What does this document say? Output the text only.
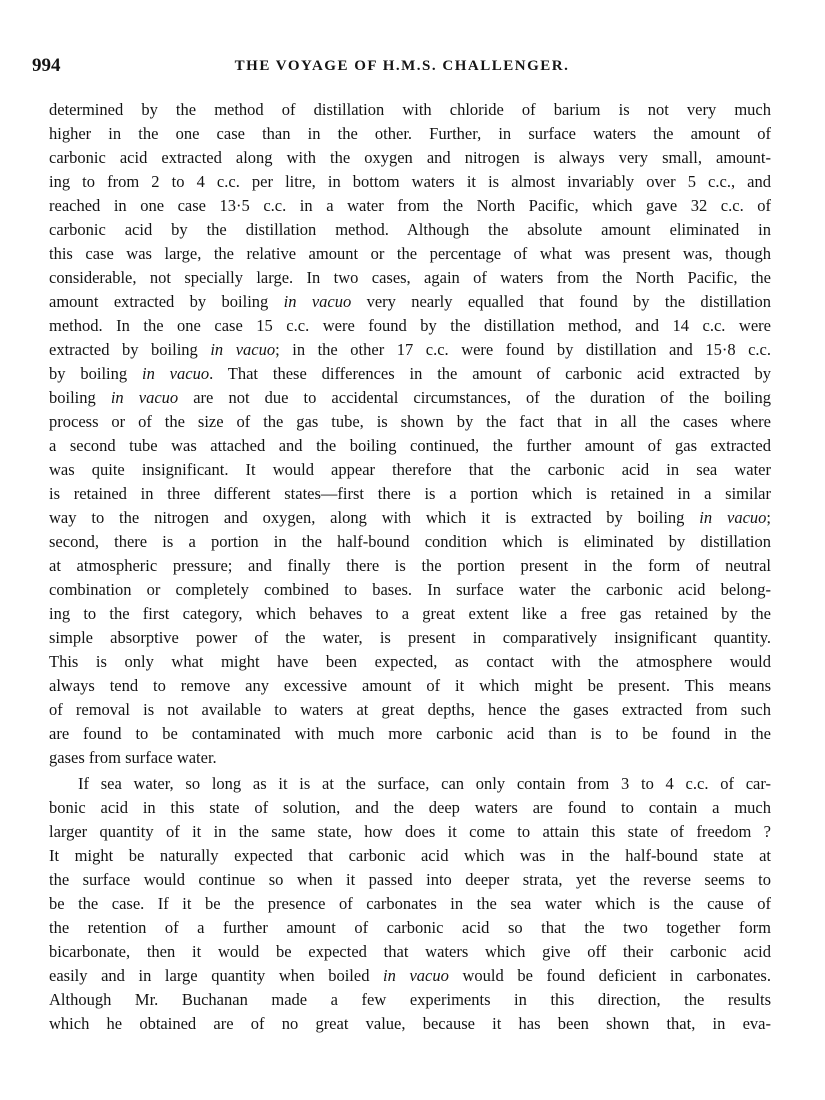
994	THE VOYAGE OF H.M.S. CHALLENGER.
determined by the method of distillation with chloride of barium is not very much
higher in the one case than in the other. Further, in surface waters the amount of
carbonic acid extracted along with the oxygen and nitrogen is always very small, amount-
ing to from 2 to 4 c.c. per litre, in bottom waters it is almost invariably over 5 c.c., and
reached in one case 13·5 c.c. in a water from the North Pacific, which gave 32 c.c. of
carbonic acid by the distillation method. Although the absolute amount eliminated in
this case was large, the relative amount or the percentage of what was present was, though
considerable, not specially large. In two cases, again of waters from the North Pacific, the
amount extracted by boiling in vacuo very nearly equalled that found by the distillation
method. In the one case 15 c.c. were found by the distillation method, and 14 c.c. were
extracted by boiling in vacuo; in the other 17 c.c. were found by distillation and 15·8 c.c.
by boiling in vacuo. That these differences in the amount of carbonic acid extracted by
boiling in vacuo are not due to accidental circumstances, of the duration of the boiling
process or of the size of the gas tube, is shown by the fact that in all the cases where
a second tube was attached and the boiling continued, the further amount of gas extracted
was quite insignificant. It would appear therefore that the carbonic acid in sea water
is retained in three different states—first there is a portion which is retained in a similar
way to the nitrogen and oxygen, along with which it is extracted by boiling in vacuo;
second, there is a portion in the half-bound condition which is eliminated by distillation
at atmospheric pressure; and finally there is the portion present in the form of neutral
combination or completely combined to bases. In surface water the carbonic acid belong-
ing to the first category, which behaves to a great extent like a free gas retained by the
simple absorptive power of the water, is present in comparatively insignificant quantity.
This is only what might have been expected, as contact with the atmosphere would
always tend to remove any excessive amount of it which might be present. This means
of removal is not available to waters at great depths, hence the gases extracted from such
are found to be contaminated with much more carbonic acid than is to be found in the
gases from surface water.
If sea water, so long as it is at the surface, can only contain from 3 to 4 c.c. of car-
bonic acid in this state of solution, and the deep waters are found to contain a much
larger quantity of it in the same state, how does it come to attain this state of freedom ?
It might be naturally expected that carbonic acid which was in the half-bound state at
the surface would continue so when it passed into deeper strata, yet the reverse seems to
be the case. If it be the presence of carbonates in the sea water which is the cause of
the retention of a further amount of carbonic acid so that the two together form
bicarbonate, then it would be expected that waters which give off their carbonic acid
easily and in large quantity when boiled in vacuo would be found deficient in carbonates.
Although Mr. Buchanan made a few experiments in this direction, the results
which he obtained are of no great value, because it has been shown that, in eva-
